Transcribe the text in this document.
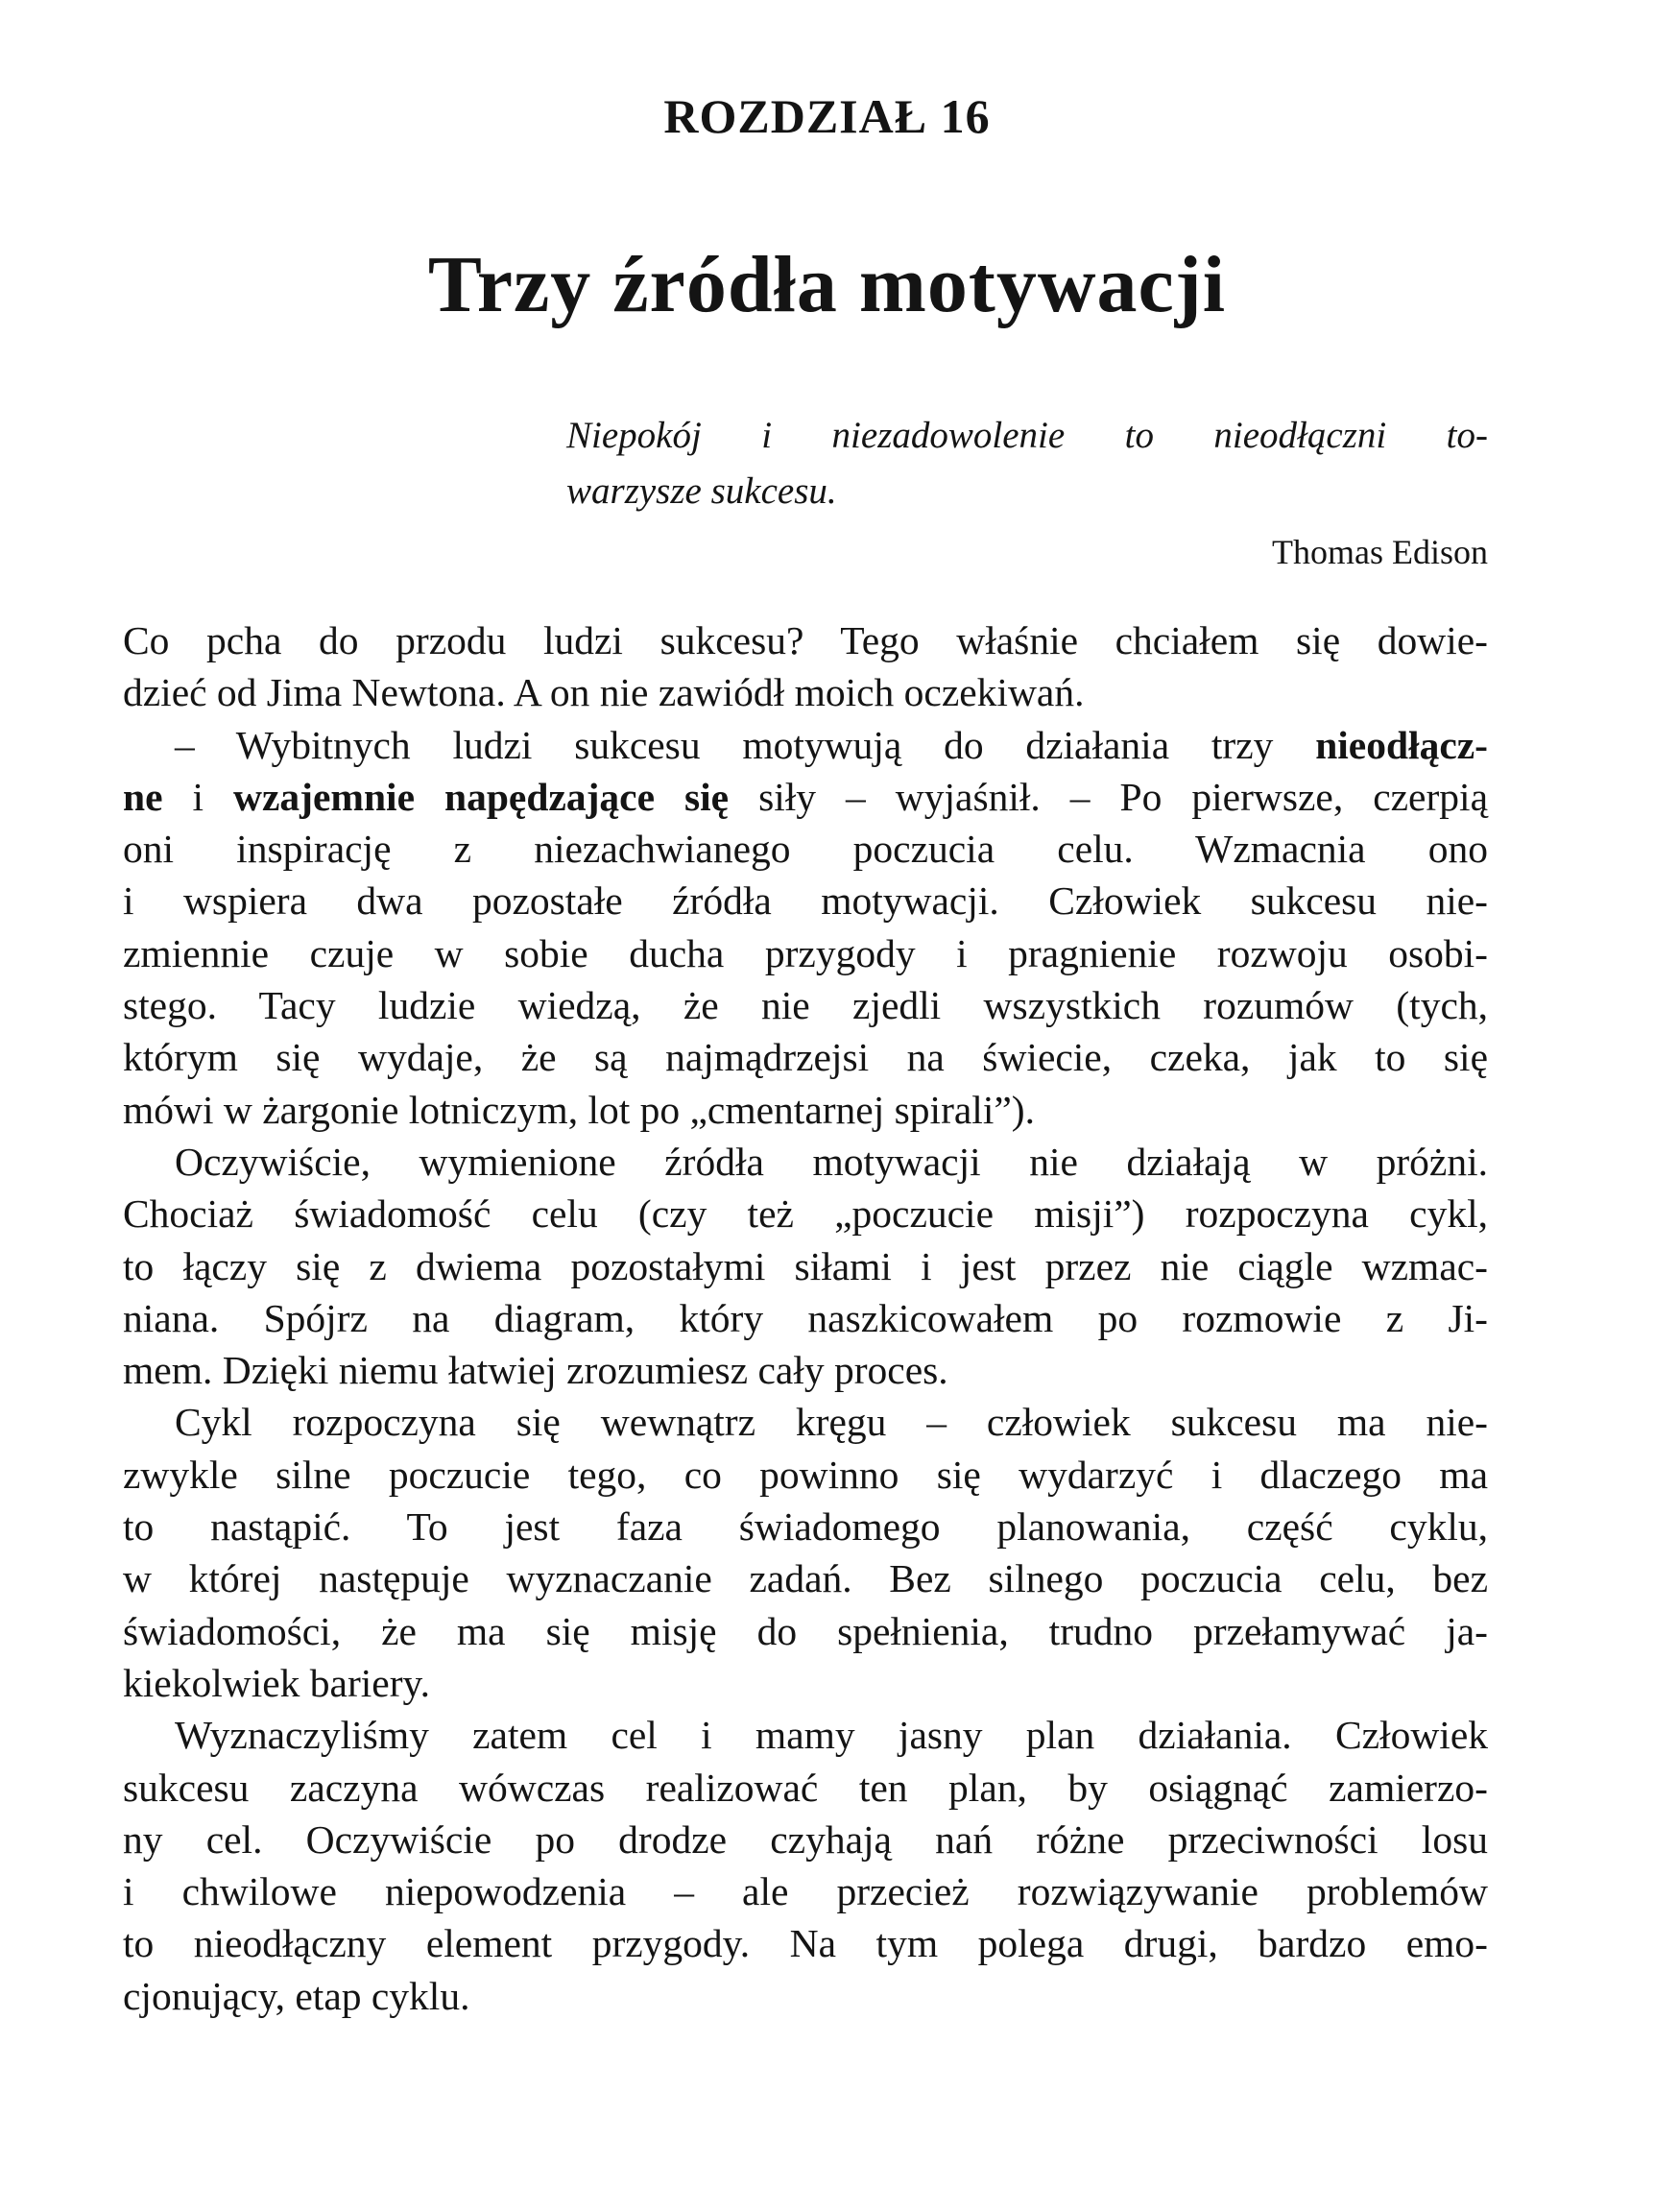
ROZDZIAŁ 16
Trzy źródła motywacji

Niepokój i niezadowolenie to nieodłączni to-
warzysze sukcesu.

Thomas Edison

Co pcha do przodu ludzi sukcesu? Tego właśnie chciałem się dowie-
dzieć od Jima Newtona. A on nie zawiódł moich oczekiwań.
– Wybitnych ludzi sukcesu motywują do działania trzy nieodłącz-
ne i wzajemnie napędzające się siły – wyjaśnił. – Po pierwsze, czerpią
oni inspirację z niezachwianego poczucia celu. Wzmacnia ono
i wspiera dwa pozostałe źródła motywacji. Człowiek sukcesu nie-
zmiennie czuje w sobie ducha przygody i pragnienie rozwoju osobi-
stego. Tacy ludzie wiedzą, że nie zjedli wszystkich rozumów (tych,
którym się wydaje, że są najmądrzejsi na świecie, czeka, jak to się
mówi w żargonie lotniczym, lot po „cmentarnej spirali”).
Oczywiście, wymienione źródła motywacji nie działają w próżni.
Chociaż świadomość celu (czy też „poczucie misji”) rozpoczyna cykl,
to łączy się z dwiema pozostałymi siłami i jest przez nie ciągle wzmac-
niana. Spójrz na diagram, który naszkicowałem po rozmowie z Ji-
mem. Dzięki niemu łatwiej zrozumiesz cały proces.
Cykl rozpoczyna się wewnątrz kręgu – człowiek sukcesu ma nie-
zwykle silne poczucie tego, co powinno się wydarzyć i dlaczego ma
to nastąpić. To jest faza świadomego planowania, część cyklu,
w której następuje wyznaczanie zadań. Bez silnego poczucia celu, bez
świadomości, że ma się misję do spełnienia, trudno przełamywać ja-
kiekolwiek bariery.
Wyznaczyliśmy zatem cel i mamy jasny plan działania. Człowiek
sukcesu zaczyna wówczas realizować ten plan, by osiągnąć zamierzo-
ny cel. Oczywiście po drodze czyhają nań różne przeciwności losu
i chwilowe niepowodzenia – ale przecież rozwiązywanie problemów
to nieodłączny element przygody. Na tym polega drugi, bardzo emo-
cjonujący, etap cyklu.
